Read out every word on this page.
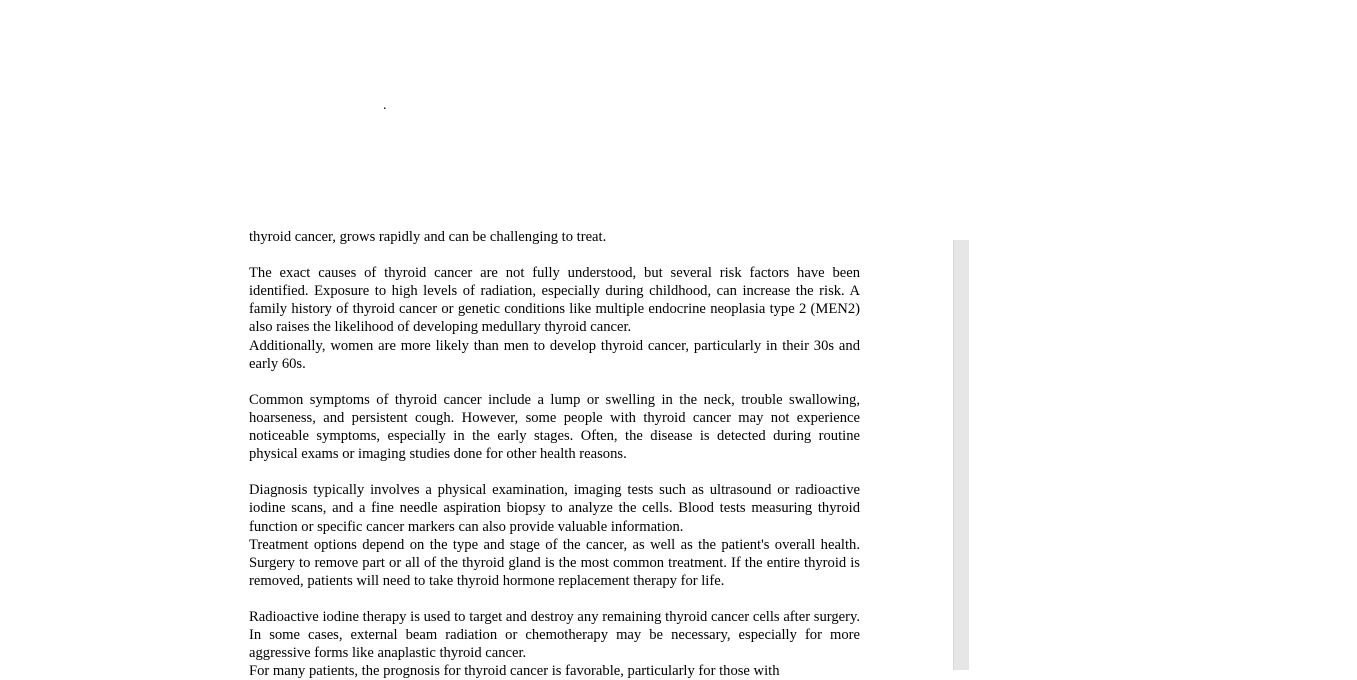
.

thyroid cancer, grows rapidly and can be challenging to treat.

The exact causes of thyroid cancer are not fully understood, but several risk factors have been identified. Exposure to high levels of radiation, especially during childhood, can increase the risk. A family history of thyroid cancer or genetic conditions like multiple endocrine neoplasia type 2 (MEN2) also raises the likelihood of developing medullary thyroid cancer.

Additionally, women are more likely than men to develop thyroid cancer, particularly in their 30s and early 60s.

Common symptoms of thyroid cancer include a lump or swelling in the neck, trouble swallowing, hoarseness, and persistent cough. However, some people with thyroid cancer may not experience noticeable symptoms, especially in the early stages. Often, the disease is detected during routine physical exams or imaging studies done for other health reasons.

Diagnosis typically involves a physical examination, imaging tests such as ultrasound or radioactive iodine scans, and a fine needle aspiration biopsy to analyze the cells. Blood tests measuring thyroid function or specific cancer markers can also provide valuable information.

Treatment options depend on the type and stage of the cancer, as well as the patient's overall health. Surgery to remove part or all of the thyroid gland is the most common treatment. If the entire thyroid is removed, patients will need to take thyroid hormone replacement therapy for life.

Radioactive iodine therapy is used to target and destroy any remaining thyroid cancer cells after surgery. In some cases, external beam radiation or chemotherapy may be necessary, especially for more aggressive forms like anaplastic thyroid cancer.

For many patients, the prognosis for thyroid cancer is favorable, particularly for those with
